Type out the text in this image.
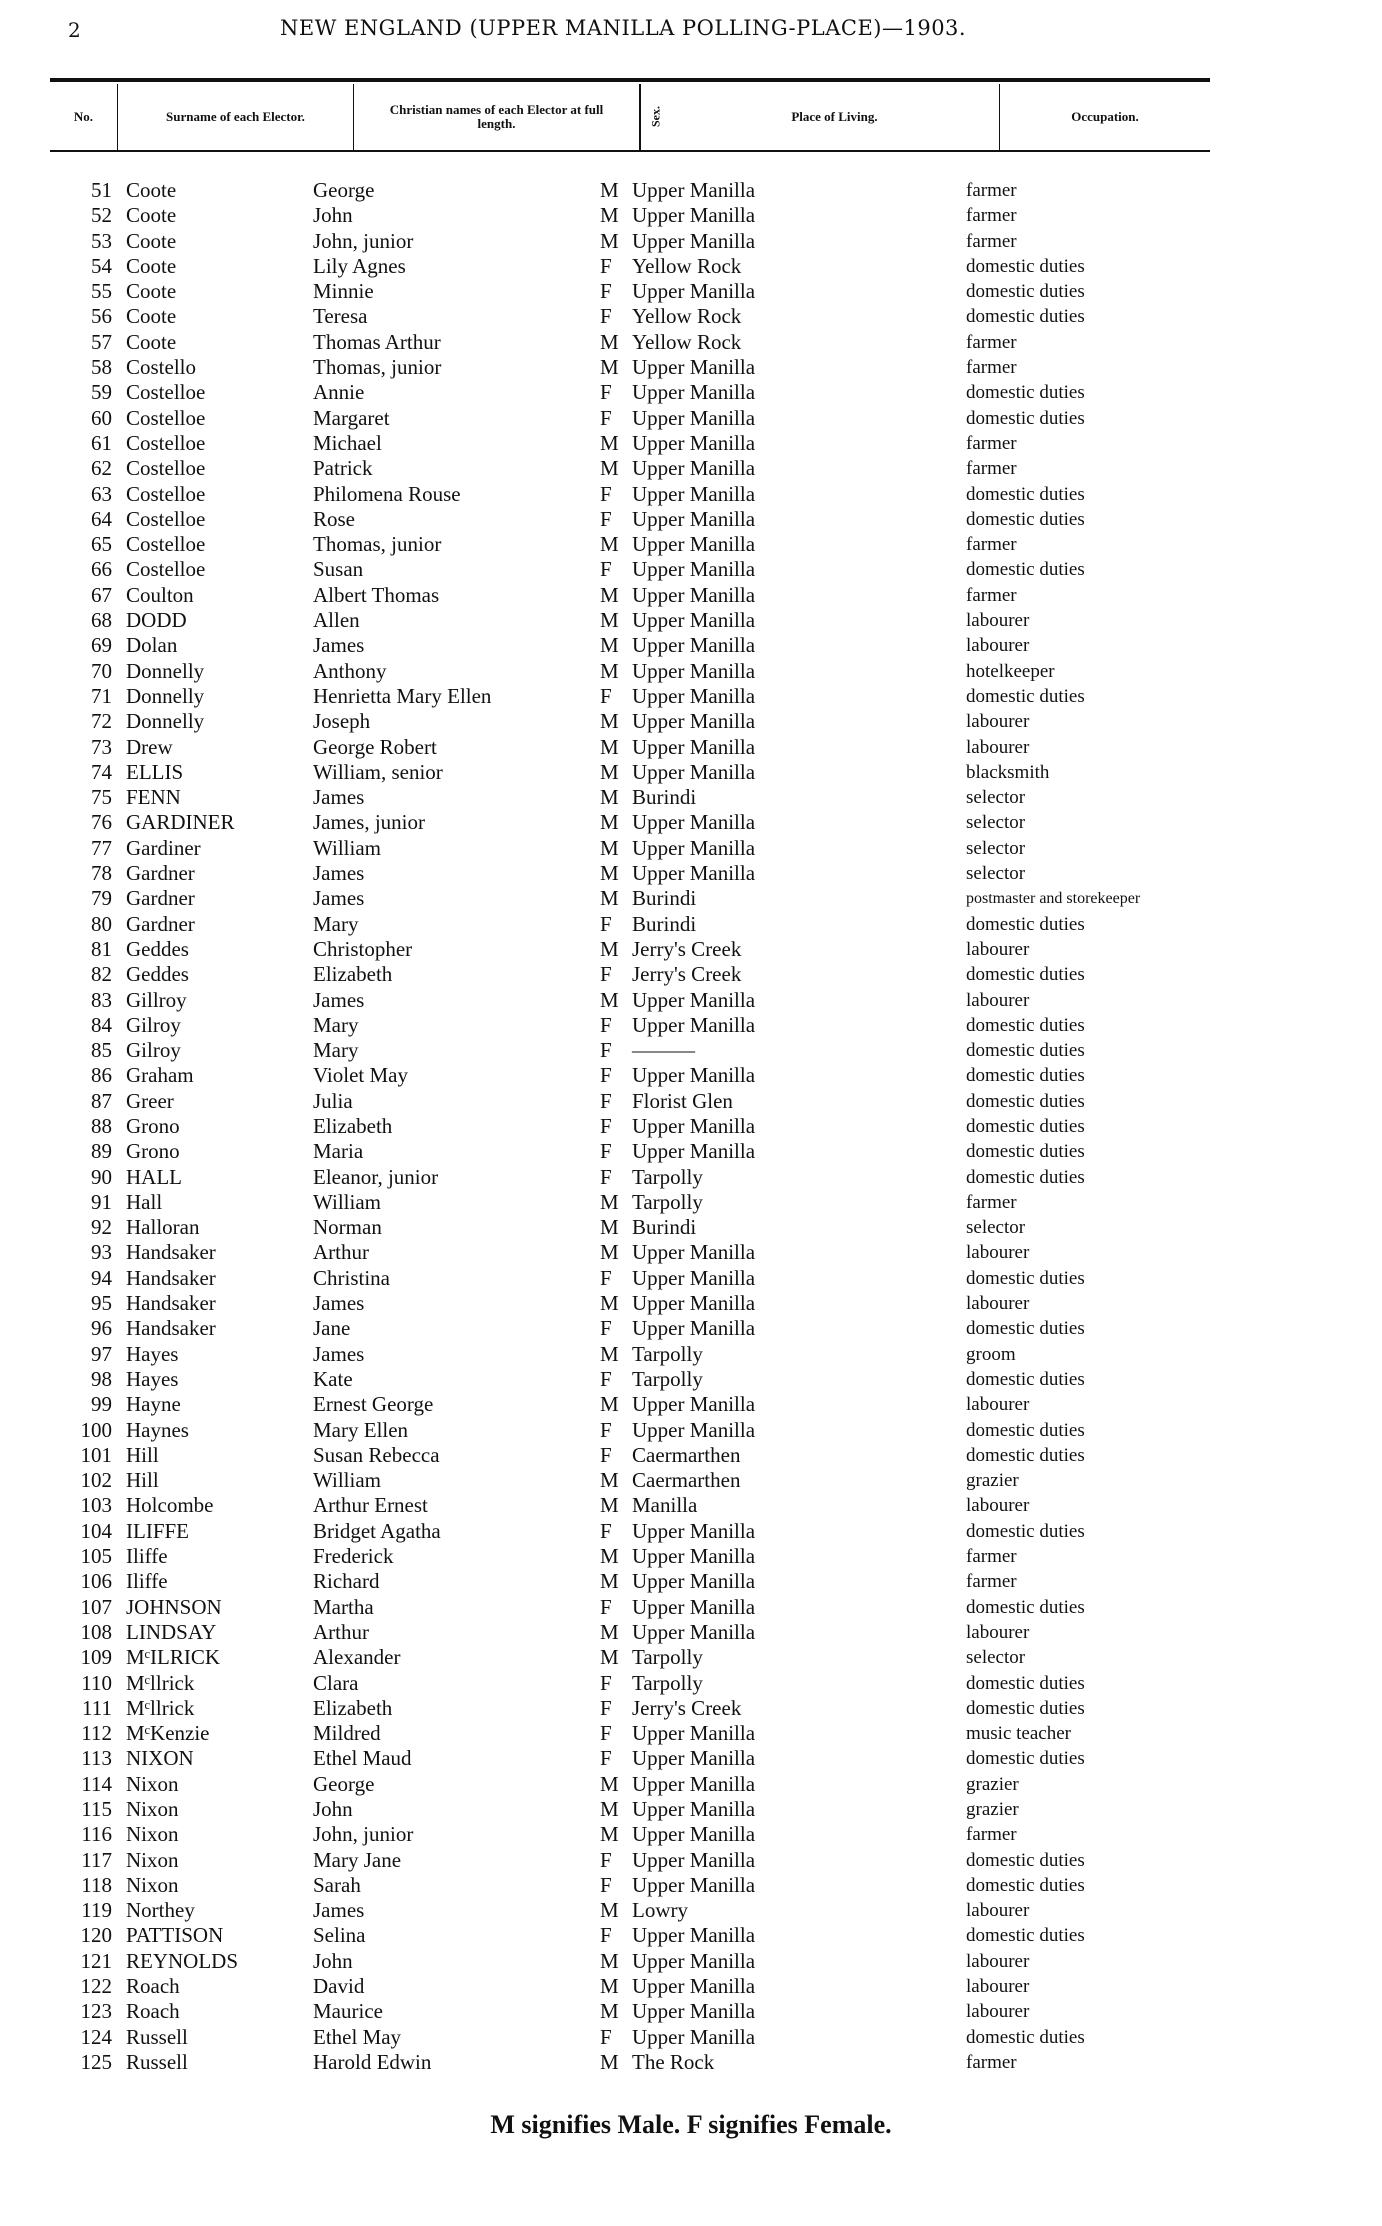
2	NEW ENGLAND (UPPER MANILLA POLLING-PLACE)—1903.
No.	Surname of each Elector.	Christian names of each Elector at full length.	Sex.	Place of Living.	Occupation.
51 Coote	George	M Upper Manilla	farmer
52 Coote	John	M Upper Manilla	farmer
53 Coote	John, junior	M Upper Manilla	farmer
54 Coote	Lily Agnes	F Yellow Rock	domestic duties
55 Coote	Minnie	F Upper Manilla	domestic duties
56 Coote	Teresa	F Yellow Rock	domestic duties
57 Coote	Thomas Arthur	M Yellow Rock	farmer
58 Costello	Thomas, junior	M Upper Manilla	farmer
59 Costelloe	Annie	F Upper Manilla	domestic duties
60 Costelloe	Margaret	F Upper Manilla	domestic duties
61 Costelloe	Michael	M Upper Manilla	farmer
62 Costelloe	Patrick	M Upper Manilla	farmer
63 Costelloe	Philomena Rouse	F Upper Manilla	domestic duties
64 Costelloe	Rose	F Upper Manilla	domestic duties
65 Costelloe	Thomas, junior	M Upper Manilla	farmer
66 Costelloe	Susan	F Upper Manilla	domestic duties
67 Coulton	Albert Thomas	M Upper Manilla	farmer
68 DODD	Allen	M Upper Manilla	labourer
69 Dolan	James	M Upper Manilla	labourer
70 Donnelly	Anthony	M Upper Manilla	hotelkeeper
71 Donnelly	Henrietta Mary Ellen	F Upper Manilla	domestic duties
72 Donnelly	Joseph	M Upper Manilla	labourer
73 Drew	George Robert	M Upper Manilla	labourer
74 ELLIS	William, senior	M Upper Manilla	blacksmith
75 FENN	James	M Burindi	selector
76 GARDINER	James, junior	M Upper Manilla	selector
77 Gardiner	William	M Upper Manilla	selector
78 Gardner	James	M Upper Manilla	selector
79 Gardner	James	M Burindi	postmaster and storekeeper
80 Gardner	Mary	F Burindi	domestic duties
81 Geddes	Christopher	M Jerry's Creek	labourer
82 Geddes	Elizabeth	F Jerry's Creek	domestic duties
83 Gillroy	James	M Upper Manilla	labourer
84 Gilroy	Mary	F Upper Manilla	domestic duties
85 Gilroy	Mary	F ———	domestic duties
86 Graham	Violet May	F Upper Manilla	domestic duties
87 Greer	Julia	F Florist Glen	domestic duties
88 Grono	Elizabeth	F Upper Manilla	domestic duties
89 Grono	Maria	F Upper Manilla	domestic duties
90 HALL	Eleanor, junior	F Tarpolly	domestic duties
91 Hall	William	M Tarpolly	farmer
92 Halloran	Norman	M Burindi	selector
93 Handsaker	Arthur	M Upper Manilla	labourer
94 Handsaker	Christina	F Upper Manilla	domestic duties
95 Handsaker	James	M Upper Manilla	labourer
96 Handsaker	Jane	F Upper Manilla	domestic duties
97 Hayes	James	M Tarpolly	groom
98 Hayes	Kate	F Tarpolly	domestic duties
99 Hayne	Ernest George	M Upper Manilla	labourer
100 Haynes	Mary Ellen	F Upper Manilla	domestic duties
101 Hill	Susan Rebecca	F Caermarthen	domestic duties
102 Hill	William	M Caermarthen	grazier
103 Holcombe	Arthur Ernest	M Manilla	labourer
104 ILIFFE	Bridget Agatha	F Upper Manilla	domestic duties
105 Iliffe	Frederick	M Upper Manilla	farmer
106 Iliffe	Richard	M Upper Manilla	farmer
107 JOHNSON	Martha	F Upper Manilla	domestic duties
108 LINDSAY	Arthur	M Upper Manilla	labourer
109 MᶜILRICK	Alexander	M Tarpolly	selector
110 Mᶜllrick	Clara	F Tarpolly	domestic duties
111 Mᶜllrick	Elizabeth	F Jerry's Creek	domestic duties
112 MᶜKenzie	Mildred	F Upper Manilla	music teacher
113 NIXON	Ethel Maud	F Upper Manilla	domestic duties
114 Nixon	George	M Upper Manilla	grazier
115 Nixon	John	M Upper Manilla	grazier
116 Nixon	John, junior	M Upper Manilla	farmer
117 Nixon	Mary Jane	F Upper Manilla	domestic duties
118 Nixon	Sarah	F Upper Manilla	domestic duties
119 Northey	James	M Lowry	labourer
120 PATTISON	Selina	F Upper Manilla	domestic duties
121 REYNOLDS	John	M Upper Manilla	labourer
122 Roach	David	M Upper Manilla	labourer
123 Roach	Maurice	M Upper Manilla	labourer
124 Russell	Ethel May	F Upper Manilla	domestic duties
125 Russell	Harold Edwin	M The Rock	farmer
M signifies Male. F signifies Female.
